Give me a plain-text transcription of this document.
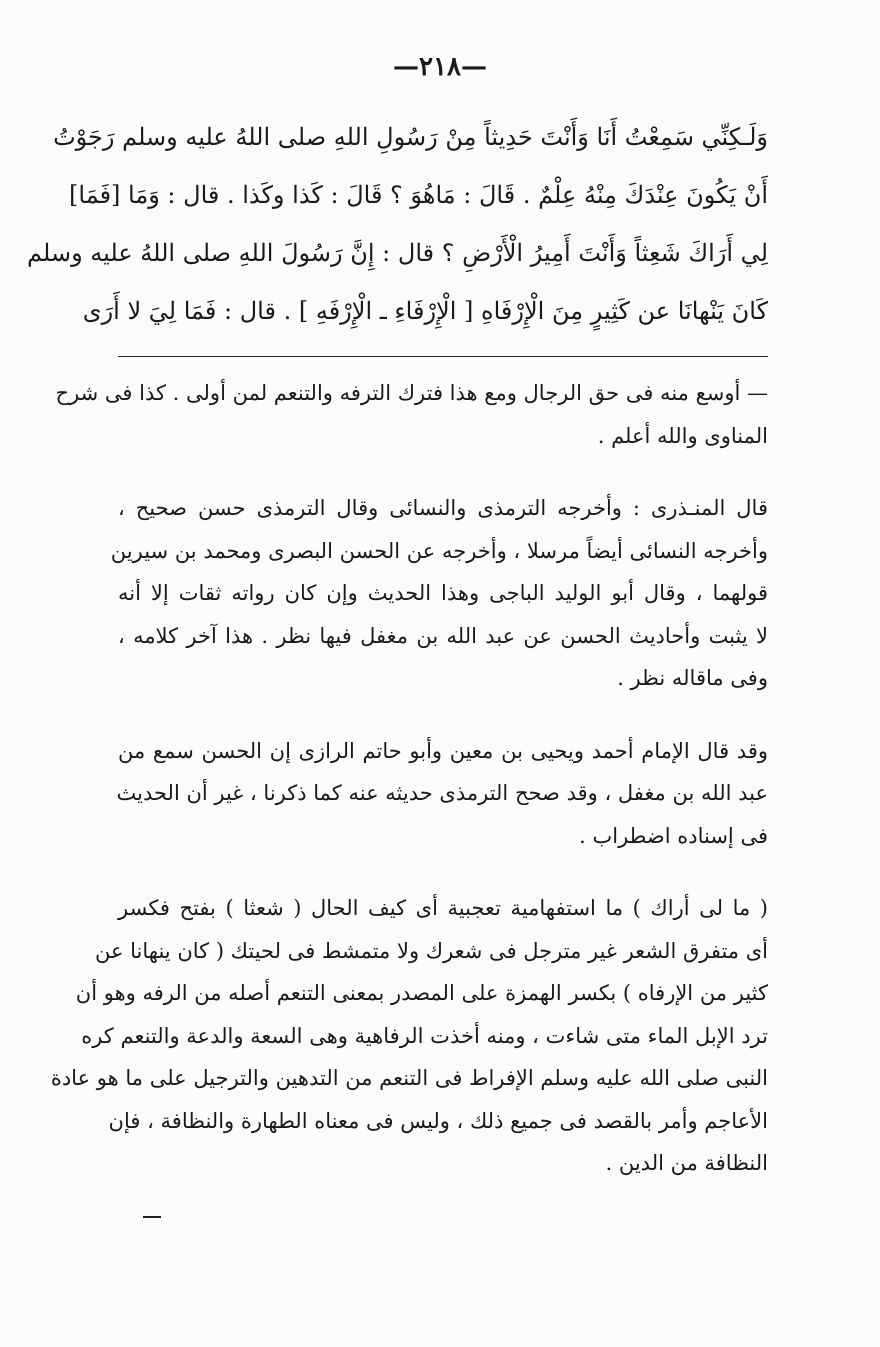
—٢١٨—
وَلَـكِنِّي سَمِعْتُ أَنَا وَأَنْتَ حَدِيثاً مِنْ رَسُولِ اللهِ صلى اللهُ عليه وسلم رَجَوْتُ
أَنْ يَكُونَ عِنْدَكَ مِنْهُ عِلْمٌ . قَالَ : مَاهُوَ ؟ قَالَ : كَذا وكَذا . قال : وَمَا [فَمَا]
لِي أَرَاكَ شَعِثاً وَأَنْتَ أَمِيرُ الْأَرْضِ ؟ قال : إِنَّ رَسُولَ اللهِ صلى اللهُ عليه وسلم
كَانَ يَنْهانَا عن كَثِيرٍ مِنَ الْإِرْفَاهِ [ الْإِرْفَاءِ ـ الْإِرْفَهِ ] . قال : فَمَا لِيَ لا أَرَى
— أوسع منه فى حق الرجال ومع هذا فترك الترفه والتنعم لمن أولى . كذا فى شرح
المناوى والله أعلم .
قال المنـذرى : وأخرجه الترمذى والنسائى وقال الترمذى حسن صحيح ،
وأخرجه النسائى أيضاً مرسلا ، وأخرجه عن الحسن البصرى ومحمد بن سيرين
قولهما ، وقال أبو الوليد الباجى وهذا الحديث وإن كان رواته ثقات إلا أنه
لا يثبت وأحاديث الحسن عن عبد الله بن مغفل فيها نظر . هذا آخر كلامه ،
وفى ماقاله نظر .
وقد قال الإمام أحمد ويحيى بن معين وأبو حاتم الرازى إن الحسن سمع من
عبد الله بن مغفل ، وقد صحح الترمذى حديثه عنه كما ذكرنا ، غير أن الحديث
فى إسناده اضطراب .
( ما لى أراك ) ما استفهامية تعجبية أى كيف الحال ( شعثا ) بفتح فكسر
أى متفرق الشعر غير مترجل فى شعرك ولا متمشط فى لحيتك ( كان ينهانا عن
كثير من الإرفاه ) بكسر الهمزة على المصدر بمعنى التنعم أصله من الرفه وهو أن
ترد الإبل الماء متى شاءت ، ومنه أخذت الرفاهية وهى السعة والدعة والتنعم كره
النبى صلى الله عليه وسلم الإفراط فى التنعم من التدهين والترجيل على ما هو عادة
الأعاجم وأمر بالقصد فى جميع ذلك ، وليس فى معناه الطهارة والنظافة ، فإن
النظافة من الدين .
